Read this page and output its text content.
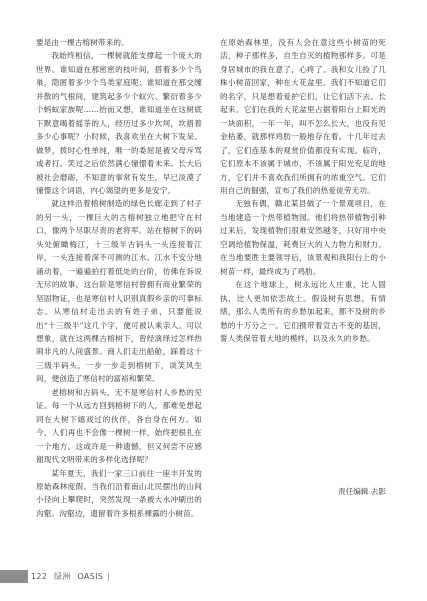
要是由一棵古榕树带来的。

我始终相信，一棵树就能支撑起一个庞大的世界。谁知道在那密密的枝叶间，搭着多少个鸟巢，隐匿着多少个鸟类家庭呢；谁知道在那交缠并散的气根间，建筑起多少个蚁穴、繁衍着多少个蚂蚁家族呢……抬而又想，谁知道坐在这树底下默意喝着摇茶的人，经历过多少坎坷，坎措着多少心事呢？小时候，我喜欢坐在大树下发呆、做梦，拨时心性单纯，唯一的委屈是被父母斥骂或者打。笑过之后依然满心憧憬着未来。长大后被社会磨砺，不知意的事常有发生，早已淡漠了憧憬这个词语，内心渴望的更多是安宁。

就这样沿着榕树制造的绿色长廊走到了村子的另一头，一棵巨大的古榕树独立地把守在村口，像两个尽职尽责的老将军。站在榕树下的码头处俯瞰梅江，十三级半古码头一头连接着江岸，一头连接着深不可测的江水。江水不安分地涌动着，一遍遍拍打着低处的台阶，仿佛在诉说无尽的故事。这台阶是寒信村曾拥有商业繁荣的坚固物证，也是寒信村人识别真假乡亲的可靠标志。从寒信村走出去的有姓子弟，只要能说出“十三级半”这几个字，便可被认乘亲人。可以想象，就在这两棵古榕树下，曾经演绎过怎样热闹非凡的人间盛景。商人们走出船舱，踩着这十三级半码头，一步一步走到榕树下，谈笑风生间，便创造了寒信村的富裕和繁荣。

老榕树和古码头，无不是寒信村人乡愁的见证。每一个从远方回到榕树下的人，都难免想起同在大树下嬉戏过的伙伴，各自身在何方。如今，人们再也不会像一棵树一样，始终把根扎在一个地方。这或许是一种遗憾，但又何尝不应感谢现代文明带来的多样化选择呢？

某年夏天，我们一家三口前往一座丰开发的原始森林度假。当我们沿着南山北民摆出的山间小径向上攀爬时，突然发现一条被大水冲刷出的沟壑。沟壑边，遗留着许多根系裸露的小树苗。

在原始森林里，没有人会在意这些小树苗的死活，种子那样多，自生自灭的植物那样多。可是身居城市的我在意了，心疼了。我和女儿捡了几株小树苗回家，种在大花盆里。我们不知道它们的名字，只是想着爱护它们，让它们活下去。长起来。它们在我的大花盆里占据着阳台上阳光的一块面积，一年一年，叫不怎么长大，也没有见金枯萎，就那样鸡肋一般地存在着。十几年过去了，它们连基本的观赏价值都没有实现。临许，它们原本不该属于城市，不该属于阳光充足的地方，它们并不喜欢我们所拥有的浓重空气。它们用自己的倔强，宣布了我们的热爱徒劳无功。

无独有偶，赣北某县做了一个景观项目，在当地建造一个热带植物园。他们将热带植物引种过来后，发现植物们很难安然越冬，只好用中央空调给植物保温，耗费巨大的人力物力和财力。在当地要胜主要领导后，该景观和我阳台上的小树苗一样，最终成为了鸡肋。

在这个地球上，树永远比人庄重，比人固执，比人更加依恋故土。假设树有思想，有情绪，那么人类所有的乡愁加起来，都不及树的乡愁的十万分之一。它们携带着宣古不变的基因，誓人类保管着大地的模样，以及永久的乡愁。

责任编辑 去影
122 绿洲 OASIS |
